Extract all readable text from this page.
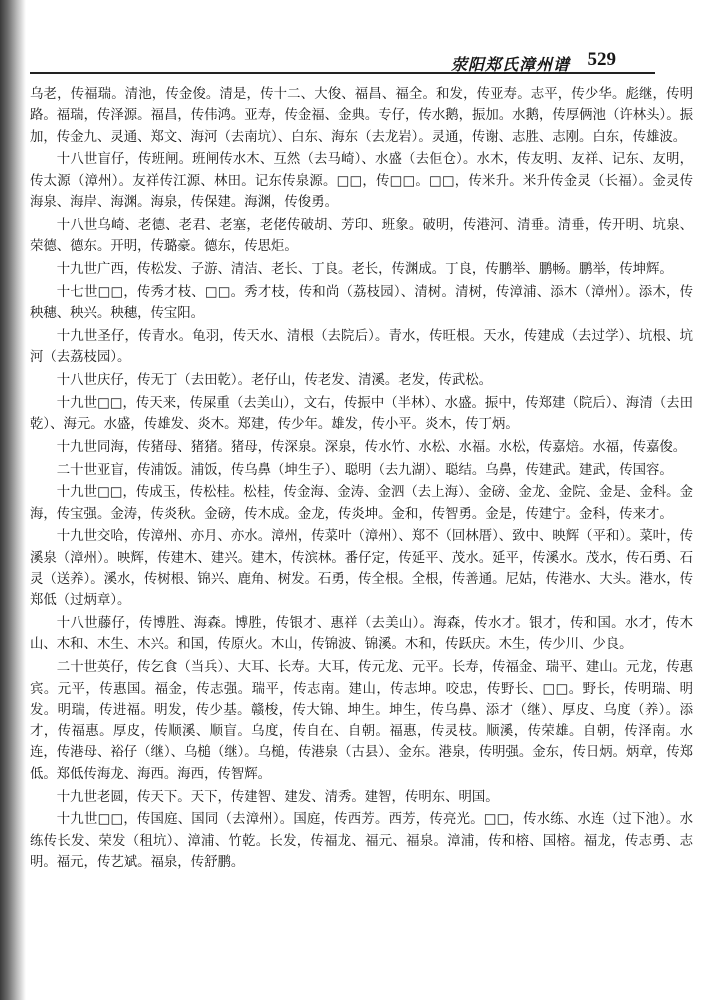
荥阳郑氏漳州谱 529

乌老，传福瑞。清池，传金俊。清是，传十二、大俊、福昌、福全。和发，传亚寿。志平，传少华。彪继，传明路。福瑞，传泽源。福昌，传伟鸿。亚寿，传金福、金典。专仔，传水鹅，振加。水鹅，传厚俩池（许林头）。振加，传金九、灵通、郑文、海河（去南坑）、白东、海东（去龙岩）。灵通，传谢、志胜、志刚。白东，传雄波。

十八世盲仔，传班闸。班闸传水木、互然（去马崎）、水盛（去佢仓）。水木，传友明、友祥、记东、友明，传太源（漳州）。友祥传江源、林田。记东传泉源。□□，传□□。□□，传米升。米升传金灵（长福）。金灵传海泉、海岸、海渊。海泉，传保建。海渊，传俊勇。

十八世乌崎、老德、老君、老塞，老佬传破胡、芳印、班象。破明，传港河、清垂。清垂，传开明、坑泉、荣德、德东。开明，传璐豪。德东，传思炬。

十九世广西，传松发、子游、清洁、老长、丁良。老长，传渊成。丁良，传鹏举、鹏畅。鹏举，传坤辉。

十七世□□，传秀才枝、□□。秀才枝，传和尚（荔枝园）、清树。清树，传漳浦、添木（漳州）。添木，传秧穗、秧兴。秧穗，传宝阳。

十九世圣仔，传青水。龟羽，传天水、清根（去院后）。青水，传旺根。天水，传建成（去过学）、坑根、坑河（去荔枝园）。

十八世庆仔，传无丁（去田乾）。老仔山，传老发、清溪。老发，传武松。

十九世□□，传天来，传屎重（去美山），文右，传振中（半林）、水盛。振中，传郑建（院后）、海清（去田乾）、海元。水盛，传雄发、炎木。郑建，传少年。雄发，传小平。炎木，传丁炳。

十九世同海，传猪母、猪猪。猪母，传深泉。深泉，传水竹、水松、水福。水松，传嘉焙。水福，传嘉俊。

二十世亚盲，传浦饭。浦饭，传乌鼻（坤生子）、聪明（去九湖）、聪结。乌鼻，传建武。建武，传国容。

十九世□□，传成玉，传松桂。松桂，传金海、金涛、金泗（去上海）、金磅、金龙、金院、金是、金科。金海，传宝强。金涛，传炎秋。金磅，传木成。金龙，传炎坤。金和，传智勇。金是，传建宁。金科，传来才。

十九世交哈，传漳州、亦月、亦水。漳州，传菜叶（漳州）、郑不（回林厝）、致中、映辉（平和）。菜叶，传溪泉（漳州）。映辉，传建木、建兴。建木，传滨林。番仔定，传延平、茂水。延平，传溪水。茂水，传石勇、石灵（送养）。溪水，传树根、锦兴、鹿角、树发。石勇，传全根。全根，传善通。尼姑，传港水、大头。港水，传郑低（过炳章）。

十八世藤仔，传博胜、海森。博胜，传银才、惠祥（去美山）。海森，传水才。银才，传和国。水才，传木山、木和、木生、木兴。和国，传原火。木山，传锦波、锦溪。木和，传跃庆。木生，传少川、少良。

二十世英仔，传乞食（当兵）、大耳、长寿。大耳，传元龙、元平。长寿，传福金、瑞平、建山。元龙，传惠宾。元平，传惠国。福金，传志强。瑞平，传志南。建山，传志坤。咬忠，传野长、□□。野长，传明瑞、明发。明瑞，传进福。明发，传少基。赣梭，传大锦、坤生。坤生，传乌鼻、添才（继）、厚皮、乌度（养）。添才，传福惠。厚皮，传顺溪、顺盲。乌度，传自在、自朝。福惠，传灵枝。顺溪，传荣雄。自朝，传泽南。水连，传港母、裕仔（继）、乌槌（继）。乌槌，传港泉（古县）、金东。港泉，传明强。金东，传日炳。炳章，传郑低。郑低传海龙、海西。海西，传智辉。

十九世老圆，传天下。天下，传建智、建发、清秀。建智，传明东、明国。

十九世□□，传国庭、国同（去漳州）。国庭，传西芳。西芳，传亮光。□□，传水练、水连（过下池）。水练传长发、荣发（租坑）、漳浦、竹乾。长发，传福龙、福元、福泉。漳浦，传和榕、国榕。福龙，传志勇、志明。福元，传艺斌。福泉，传舒鹏。
